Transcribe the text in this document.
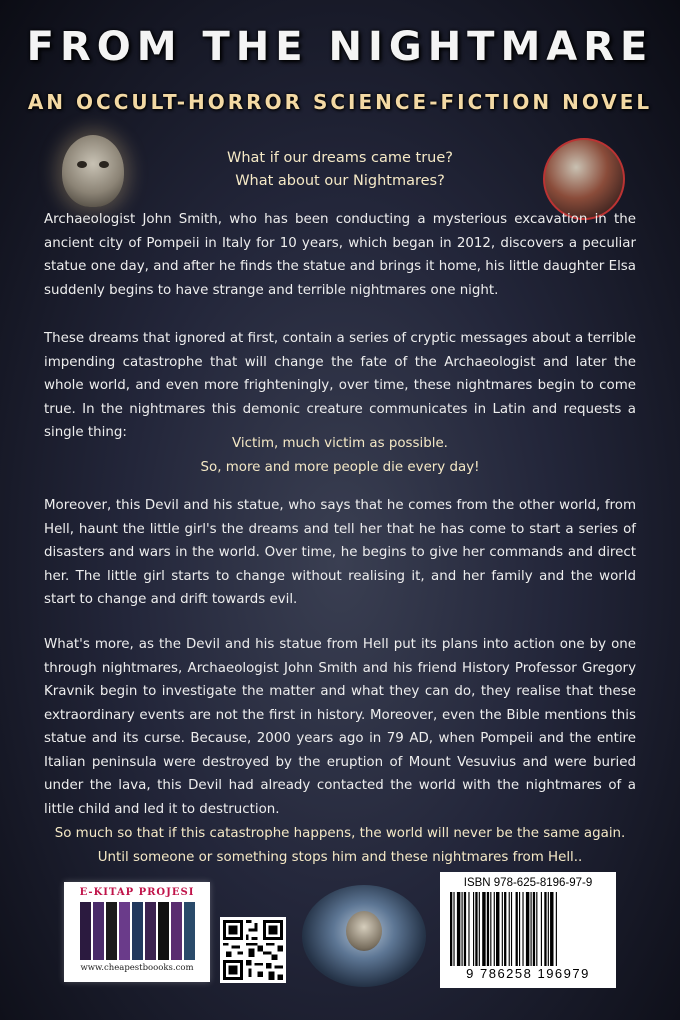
FROM THE NIGHTMARE
AN OCCULT-HORROR SCIENCE-FICTION NOVEL
What if our dreams came true?
What about our Nightmares?
Archaeologist John Smith, who has been conducting a mysterious excavation in the ancient city of Pompeii in Italy for 10 years, which began in 2012, discovers a peculiar statue one day, and after he finds the statue and brings it home, his little daughter Elsa suddenly begins to have strange and terrible nightmares one night.
These dreams that ignored at first, contain a series of cryptic messages about a terrible impending catastrophe that will change the fate of the Archaeologist and later the whole world, and even more frighteningly, over time, these nightmares begin to come true. In the nightmares this demonic creature communicates in Latin and requests a single thing:
Victim, much victim as possible.
So, more and more people die every day!
Moreover, this Devil and his statue, who says that he comes from the other world, from Hell, haunt the little girl's the dreams and tell her that he has come to start a series of disasters and wars in the world. Over time, he begins to give her commands and direct her. The little girl starts to change without realising it, and her family and the world start to change and drift towards evil.
What's more, as the Devil and his statue from Hell put its plans into action one by one through nightmares, Archaeologist John Smith and his friend History Professor Gregory Kravnik begin to investigate the matter and what they can do, they realise that these extraordinary events are not the first in history. Moreover, even the Bible mentions this statue and its curse. Because, 2000 years ago in 79 AD, when Pompeii and the entire Italian peninsula were destroyed by the eruption of Mount Vesuvius and were buried under the lava, this Devil had already contacted the world with the nightmares of a little child and led it to destruction.
So much so that if this catastrophe happens, the world will never be the same again.
Until someone or something stops him and these nightmares from Hell..
E-KITAP PROJESI
www.cheapestboooks.com
ISBN 978-625-8196-97-9
9 786258 196979
